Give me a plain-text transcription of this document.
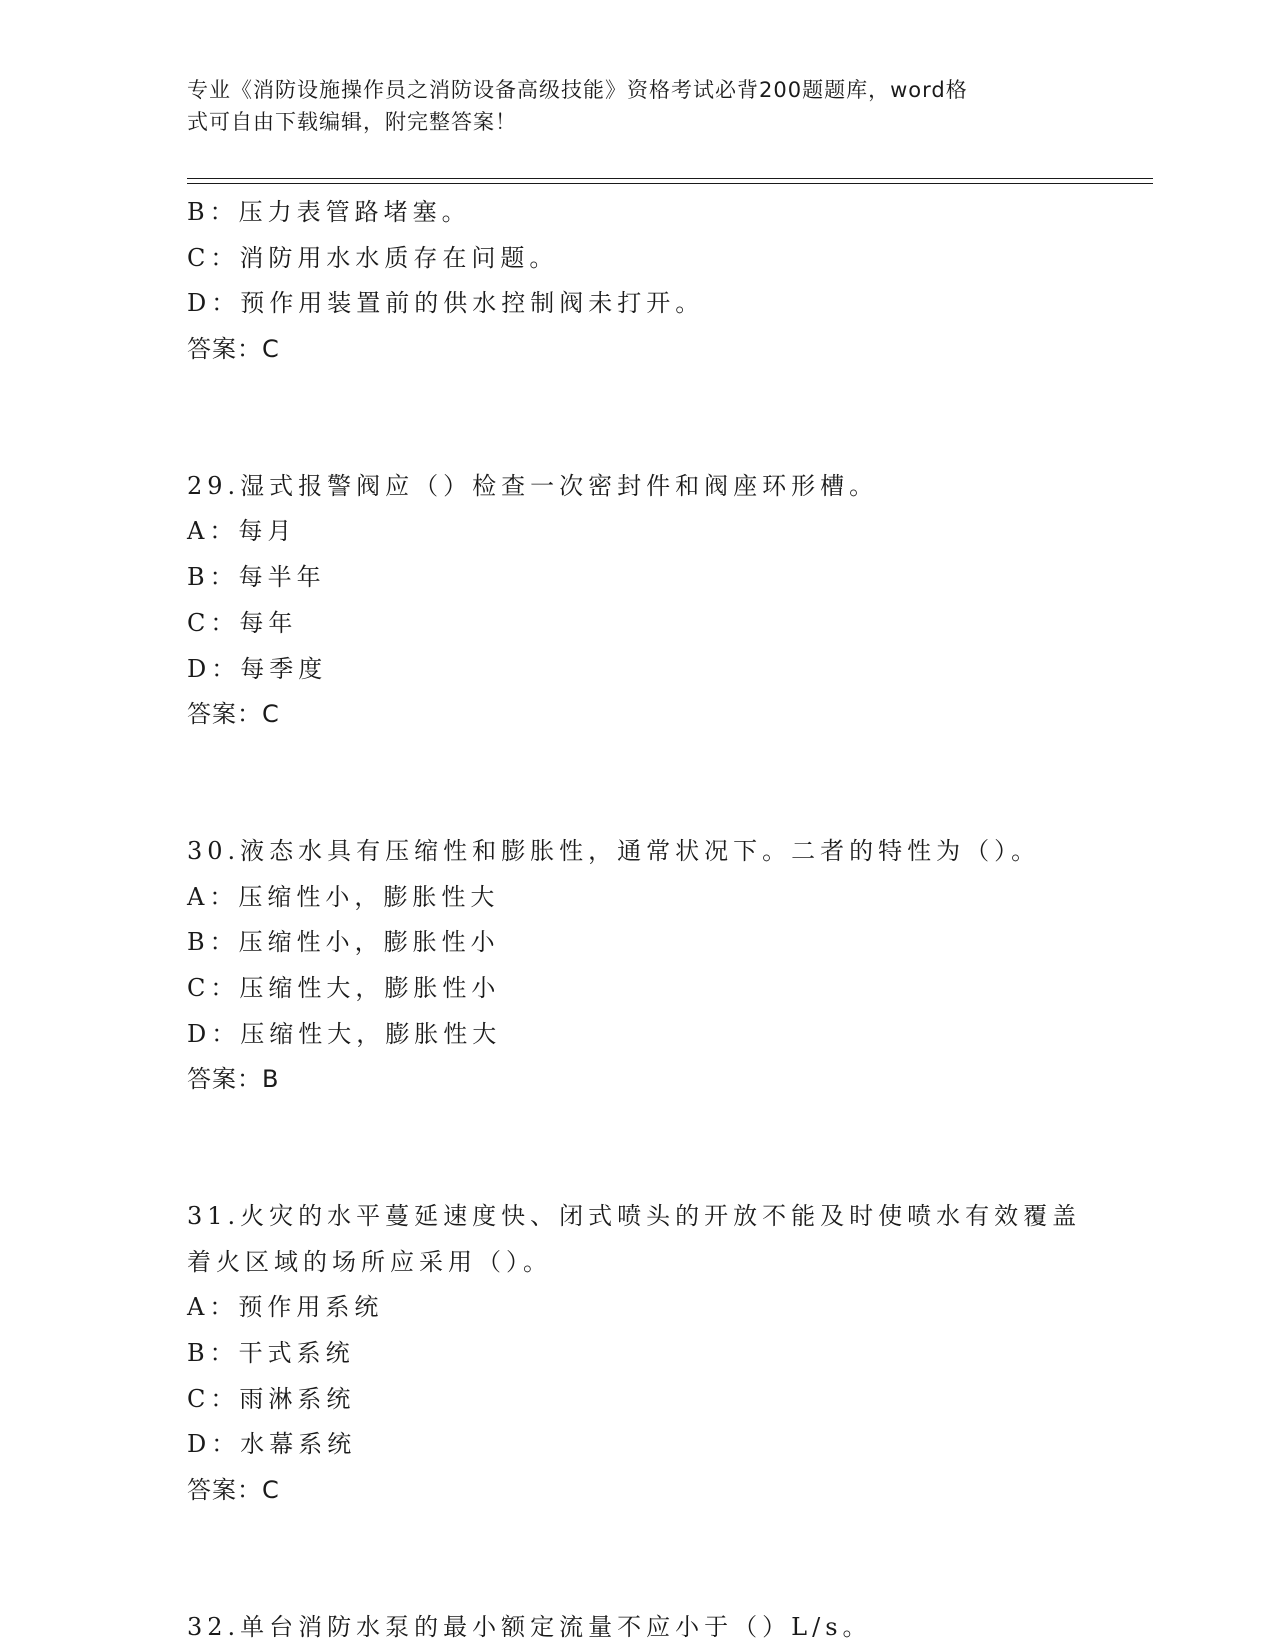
专业《消防设施操作员之消防设备高级技能》资格考试必背200题题库，word格
式可自由下载编辑，附完整答案！
B：压力表管路堵塞。
C：消防用水水质存在问题。
D：预作用装置前的供水控制阀未打开。
答案：C
29.湿式报警阀应（）检查一次密封件和阀座环形槽。
A：每月
B：每半年
C：每年
D：每季度
答案：C
30.液态水具有压缩性和膨胀性，通常状况下。二者的特性为（）。
A：压缩性小，膨胀性大
B：压缩性小，膨胀性小
C：压缩性大，膨胀性小
D：压缩性大，膨胀性大
答案：B
31.火灾的水平蔓延速度快、闭式喷头的开放不能及时使喷水有效覆盖
着火区域的场所应采用（）。
A：预作用系统
B：干式系统
C：雨淋系统
D：水幕系统
答案：C
32.单台消防水泵的最小额定流量不应小于（）L/s。
